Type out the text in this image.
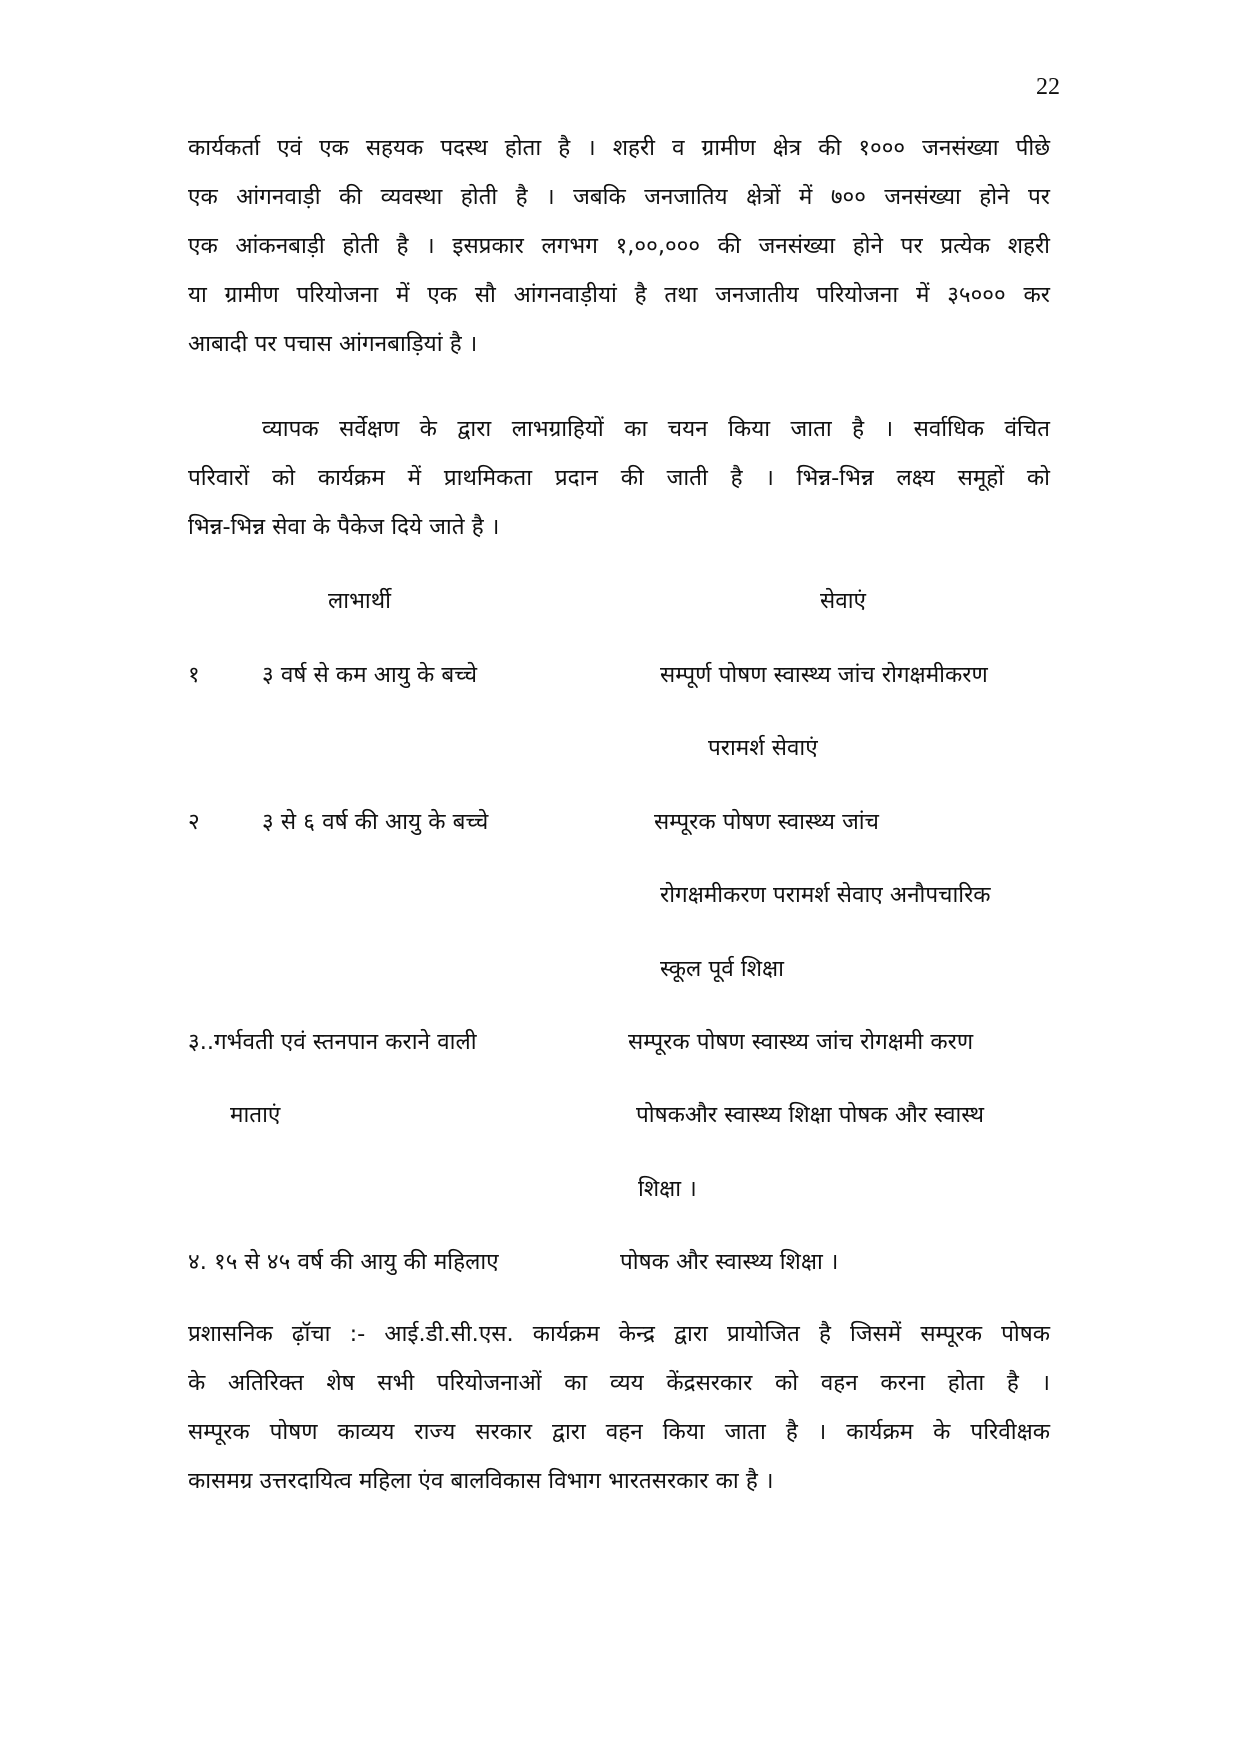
22
कार्यकर्ता एवं एक सहयक पदस्थ होता है । शहरी व ग्रामीण क्षेत्र की १००० जनसंख्या पीछे
एक आंगनवाड़ी की व्यवस्था होती है । जबकि जनजातिय क्षेत्रों में ७०० जनसंख्या होने पर
एक आंकनबाड़ी होती है । इसप्रकार लगभग १,००,००० की जनसंख्या होने पर प्रत्येक शहरी
या ग्रामीण परियोजना में एक सौ आंगनवाड़ीयां है तथा जनजातीय परियोजना में ३५००० कर
आबादी पर पचास आंगनबाड़ियां है ।
व्यापक सर्वेक्षण के द्वारा लाभग्राहियों का चयन किया जाता है । सर्वाधिक वंचित
परिवारों को कार्यक्रम में प्राथमिकता प्रदान की जाती है । भिन्न-भिन्न लक्ष्य समूहों को
भिन्न-भिन्न सेवा के पैकेज दिये जाते है ।
लाभार्थी	सेवाएं
१	३ वर्ष से कम आयु के बच्चे	सम्पूर्ण पोषण स्वास्थ्य जांच रोगक्षमीकरण
परामर्श सेवाएं
२	३ से ६ वर्ष की आयु के बच्चे	सम्पूरक पोषण स्वास्थ्य जांच
रोगक्षमीकरण परामर्श सेवाए अनौपचारिक
स्कूल पूर्व शिक्षा
३..गर्भवती एवं स्तनपान कराने वाली	सम्पूरक पोषण स्वास्थ्य जांच रोगक्षमी करण
माताएं	पोषकऔर स्वास्थ्य शिक्षा पोषक और स्वास्थ
शिक्षा ।
४. १५ से ४५ वर्ष की आयु की महिलाए	पोषक और स्वास्थ्य शिक्षा ।
प्रशासनिक ढ़ॉचा :- आई.डी.सी.एस. कार्यक्रम केन्द्र द्वारा प्रायोजित है जिसमें सम्पूरक पोषक
के अतिरिक्त शेष सभी परियोजनाओं का व्यय केंद्रसरकार को वहन करना होता है ।
सम्पूरक पोषण काव्यय राज्य सरकार द्वारा वहन किया जाता है । कार्यक्रम के परिवीक्षक
कासमग्र उत्तरदायित्व महिला एंव बालविकास विभाग भारतसरकार का है ।
